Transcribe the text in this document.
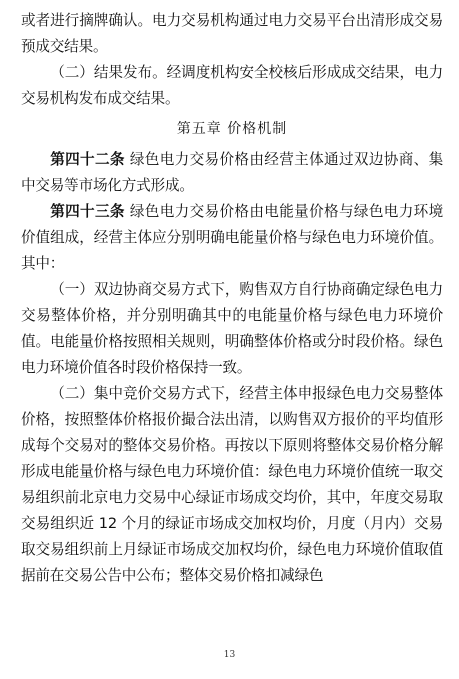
或者进行摘牌确认。电力交易机构通过电力交易平台出清形成交易预成交结果。

（二）结果发布。经调度机构安全校核后形成成交结果，电力交易机构发布成交结果。

第五章 价格机制

第四十二条 绿色电力交易价格由经营主体通过双边协商、集中交易等市场化方式形成。

第四十三条 绿色电力交易价格由电能量价格与绿色电力环境价值组成，经营主体应分别明确电能量价格与绿色电力环境价值。其中：

（一）双边协商交易方式下，购售双方自行协商确定绿色电力交易整体价格，并分别明确其中的电能量价格与绿色电力环境价值。电能量价格按照相关规则，明确整体价格或分时段价格。绿色电力环境价值各时段价格保持一致。

（二）集中竞价交易方式下，经营主体申报绿色电力交易整体价格，按照整体价格报价撮合法出清，以购售双方报价的平均值形成每个交易对的整体交易价格。再按以下原则将整体交易价格分解形成电能量价格与绿色电力环境价值：绿色电力环境价值统一取交易组织前北京电力交易中心绿证市场成交均价，其中，年度交易取交易组织近 12 个月的绿证市场成交加权均价，月度（月内）交易取交易组织前上月绿证市场成交加权均价，绿色电力环境价值取值据前在交易公告中公布；整体交易价格扣减绿色

13
